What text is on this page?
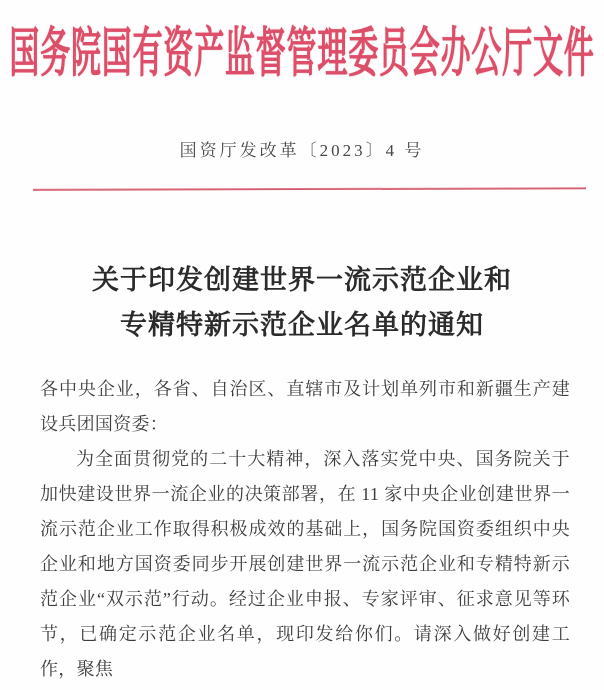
国务院国有资产监督管理委员会办公厅文件
国资厅发改革〔2023〕4 号
关于印发创建世界一流示范企业和
专精特新示范企业名单的通知

各中央企业，各省、自治区、直辖市及计划单列市和新疆生产建设兵团国资委：

为全面贯彻党的二十大精神，深入落实党中央、国务院关于加快建设世界一流企业的决策部署，在 11 家中央企业创建世界一流示范企业工作取得积极成效的基础上，国务院国资委组织中央企业和地方国资委同步开展创建世界一流示范企业和专精特新示范企业“双示范”行动。经过企业申报、专家评审、征求意见等环节，已确定示范企业名单，现印发给你们。请深入做好创建工作，聚焦
